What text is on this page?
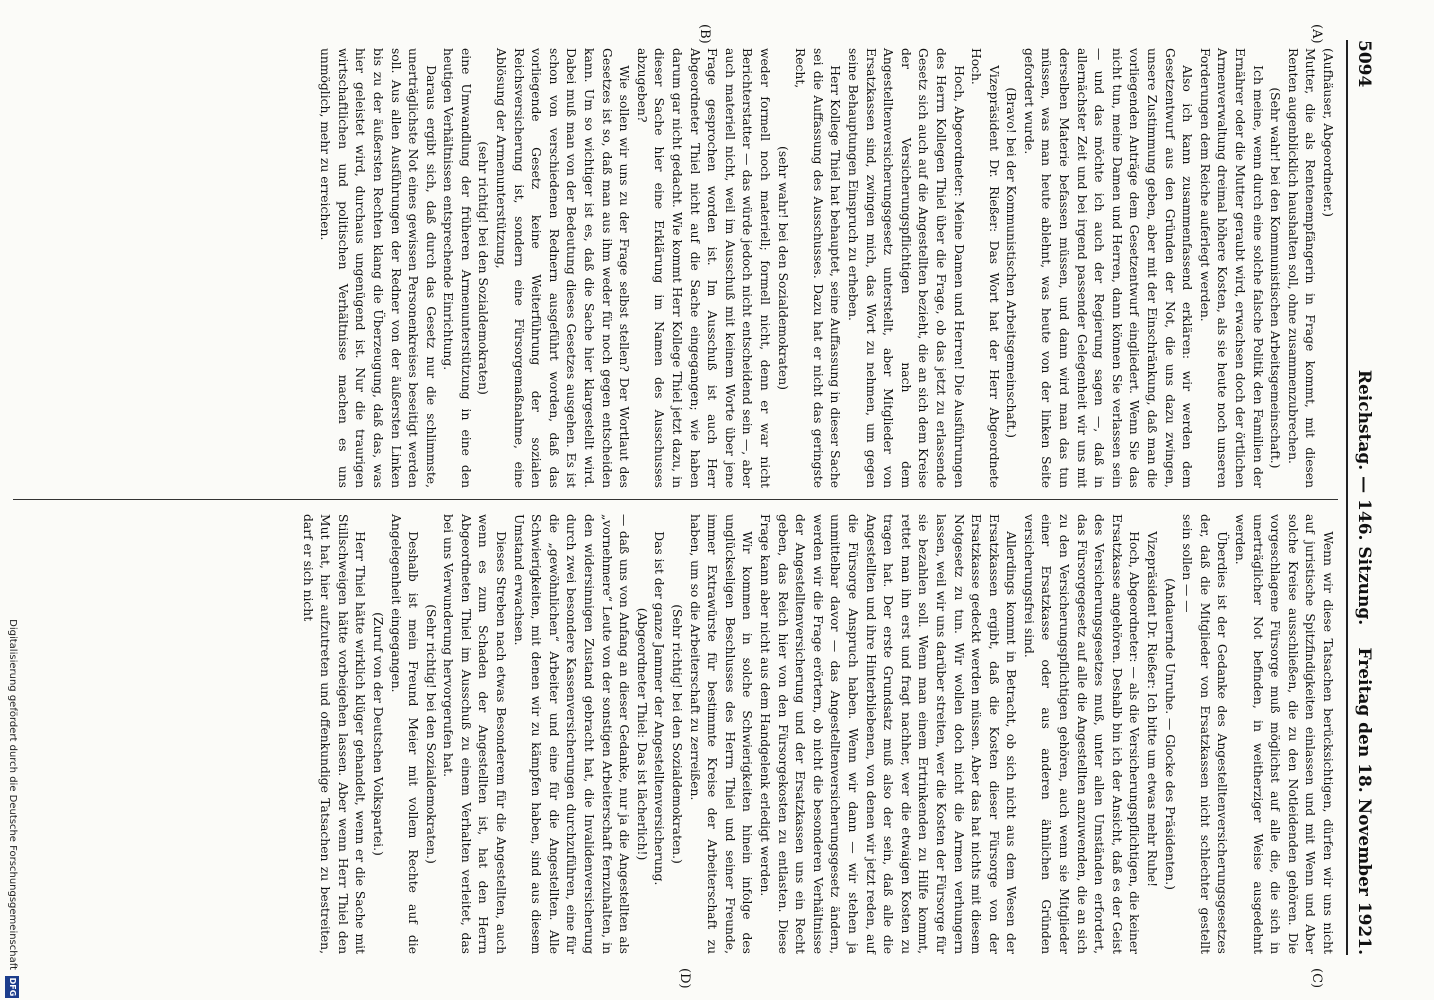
5094
Reichstag. — 146. Sitzung.
Freitag den 18. November 1921.
(A)
(B)
(C)
(D)

(Aufhäuser, Abgeordneter.)

Mutter, die als Rentenempfängerin in Frage kommt, mit diesen Renten augenblicklich haushalten soll, ohne zusammenzubrechen.

(Sehr wahr! bei den Kommunistischen Arbeitsgemeinschaft.)

Ich meine, wenn durch eine solche falsche Politik den Familien der Ernährer oder die Mutter geraubt wird, erwachsen doch der örtlichen Armenverwaltung dreimal höhere Kosten, als sie heute noch unseren Forderungen dem Reiche auferlegt werden.

Also ich kann zusammenfassend erklären: wir werden dem Gesetzentwurf aus den Gründen der Not, die uns dazu zwingen, unsere Zustimmung geben, aber mit der Einschränkung, daß man die vorliegenden Anträge dem Gesetzentwurf eingliedert. Wenn Sie das nicht tun, meine Damen und Herren, dann können Sie verlassen sein — und das möchte ich auch der Regierung sagen —, daß in allernächster Zeit und bei irgend passender Gelegenheit wir uns mit derselben Materie befassen müssen, und dann wird man das tun müssen, was man heute ablehnt, was heute von der linken Seite gefordert wurde.

(Bravo! bei der Kommunistischen Arbeitsgemeinschaft.)

Vizepräsident Dr. Rießer: Das Wort hat der Herr Abgeordnete Hoch.

Hoch, Abgeordneter: Meine Damen und Herren! Die Ausführungen des Herrn Kollegen Thiel über die Frage, ob das jetzt zu erlassende Gesetz sich auch auf die Angestellten bezieht, die an sich dem Kreise der Versicherungspflichtigen nach dem Angestelltenversicherungsgesetz unterstellt, aber Mitglieder von Ersatzkassen sind, zwingen mich, das Wort zu nehmen, um gegen seine Behauptungen Einspruch zu erheben.

Herr Kollege Thiel hat behauptet, seine Auffassung in dieser Sache sei die Auffassung des Ausschusses. Dazu hat er nicht das geringste Recht,

(sehr wahr! bei den Sozialdemokraten)

weder formell noch materiell; formell nicht, denn er war nicht Berichterstatter — das würde jedoch nicht entscheidend sein —, aber auch materiell nicht, weil im Ausschuß mit keinem Worte über jene Frage gesprochen worden ist. Im Ausschuß ist auch Herr Abgeordneter Thiel nicht auf die Sache eingegangen; wie haben darum gar nicht gedacht. Wie kommt Herr Kollege Thiel jetzt dazu, in dieser Sache hier eine Erklärung im Namen des Ausschusses abzugeben?

Wie sollen wir uns zu der Frage selbst stellen? Der Wortlaut des Gesetzes ist so, daß man aus ihm weder für noch gegen entscheiden kann. Um so wichtiger ist es, daß die Sache hier klargestellt wird. Dabei muß man von der Bedeutung dieses Gesetzes ausgehen. Es ist schon von verschiedenen Rednern ausgeführt worden, daß das vorliegende Gesetz keine Weiterführung der sozialen Reichsversicherung ist, sondern eine Fürsorgemaßnahme, eine Ablösung der Armenunterstützung,

(sehr richtig! bei den Sozialdemokraten)

eine Umwandlung der früheren Armenunterstützung in eine den heutigen Verhältnissen entsprechende Einrichtung.

Daraus ergibt sich, daß durch das Gesetz nur die schlimmste, unerträglichste Not eines gewissen Personenkreises beseitigt werden soll. Aus allen Ausführungen der Redner von der äußersten Linken bis zu der äußersten Rechten klang die Überzeugung, daß das, was hier geleistet wird, durchaus ungenügend ist. Nur die traurigen wirtschaftlichen und politischen Verhältnisse machen es uns unmöglich, mehr zu erreichen.

Wenn wir diese Tatsachen berücksichtigen, dürfen wir uns nicht auf juristische Spitzfindigkeiten einlassen und mit Wenn und Aber solche Kreise ausschließen, die zu den Notleidenden gehören. Die vorgeschlagene Fürsorge muß möglichst auf alle die, die sich in unerträglicher Not befinden, in weitherziger Weise ausgedehnt werden.

Überdies ist der Gedanke des Angestelltenversicherungsgesetzes der, daß die Mitglieder von Ersatzkassen nicht schlechter gestellt sein sollen — —

(Andauernde Unruhe. — Glocke des Präsidenten.)

Vizepräsident Dr. Rießer: Ich bitte um etwas mehr Ruhe!

Hoch, Abgeordneter: — als die Versicherungspflichtigen, die keiner Ersatzkasse angehören. Deshalb bin ich der Ansicht, daß es der Geist des Versicherungsgesetzes muß, unter allen Umständen erfordert, das Fürsorgegesetz auf alle die Angestellten anzuwenden, die an sich zu den Versicherungspflichtigen gehören, auch wenn sie Mitglieder einer Ersatzkasse oder aus anderen ähnlichen Gründen versicherungsfrei sind.

Allerdings kommt in Betracht, ob sich nicht aus dem Wesen der Ersatzkassen ergibt, daß die Kosten dieser Fürsorge von der Ersatzkasse gedeckt werden müssen. Aber das hat nichts mit diesem Notgesetz zu tun. Wir wollen doch nicht die Armen verhungern lassen, weil wir uns darüber streiten, wer die Kosten der Fürsorge für sie bezahlen soll. Wenn man einem Ertrinkenden zu Hilfe kommt, rettet man ihn erst und fragt nachher, wer die etwaigen Kosten zu tragen hat. Der erste Grundsatz muß also der sein, daß alle die Angestellten und ihre Hinterbliebenen, von denen wir jetzt reden, auf die Fürsorge Anspruch haben. Wenn wir dann — wir stehen ja unmittelbar davor — das Angestelltenversicherungsgesetz ändern, werden wir die Frage erörtern, ob nicht die besonderen Verhältnisse der Angestelltenversicherung und der Ersatzkassen uns ein Recht geben, das Reich hier von den Fürsorgekosten zu entlasten. Diese Frage kann aber nicht aus dem Handgelenk erledigt werden.

Wir kommen in solche Schwierigkeiten hinein infolge des unglückseligen Beschlusses des Herrn Thiel und seiner Freunde, immer Extrawürste für bestimmte Kreise der Arbeiterschaft zu haben, um so die Arbeiterschaft zu zerreißen.

(Sehr richtig! bei den Sozialdemokraten.)

Das ist der ganze Jammer der Angestelltenversicherung.

(Abgeordneter Thiel: Das ist lächerlich!)

— daß uns von Anfang an dieser Gedanke, nur ja die Angestellten als „vornehmere“ Leute von der sonstigen Arbeiterschaft fernzuhalten, in den widersinnigen Zustand gebracht hat, die Invalidenversicherung durch zwei besondere Kassenversicherungen durchzuführen, eine für die „gewöhnlichen“ Arbeiter und eine für die Angestellten. Alle Schwierigkeiten, mit denen wir zu kämpfen haben, sind aus diesem Umstand erwachsen.

Dieses Streben nach etwas Besonderem für die Angestellten, auch wenn es zum Schaden der Angestellten ist, hat den Herrn Abgeordneten Thiel im Ausschuß zu einem Verhalten verleitet, das bei uns Verwunderung hervorgerufen hat.

(Sehr richtig! bei den Sozialdemokraten.)

Deshalb ist mein Freund Meier mit vollem Rechte auf die Angelegenheit eingegangen.

(Zuruf von der Deutschen Volkspartei.)

Herr Thiel hätte wirklich klüger gehandelt, wenn er die Sache mit Stillschweigen hätte vorbeigehen lassen. Aber wenn Herr Thiel den Mut hat, hier aufzutreten und offenkundige Tatsachen zu bestreiten, darf er sich nicht

DFG
Digitalisierung gefördert durch die Deutsche Forschungsgemeinschaft
